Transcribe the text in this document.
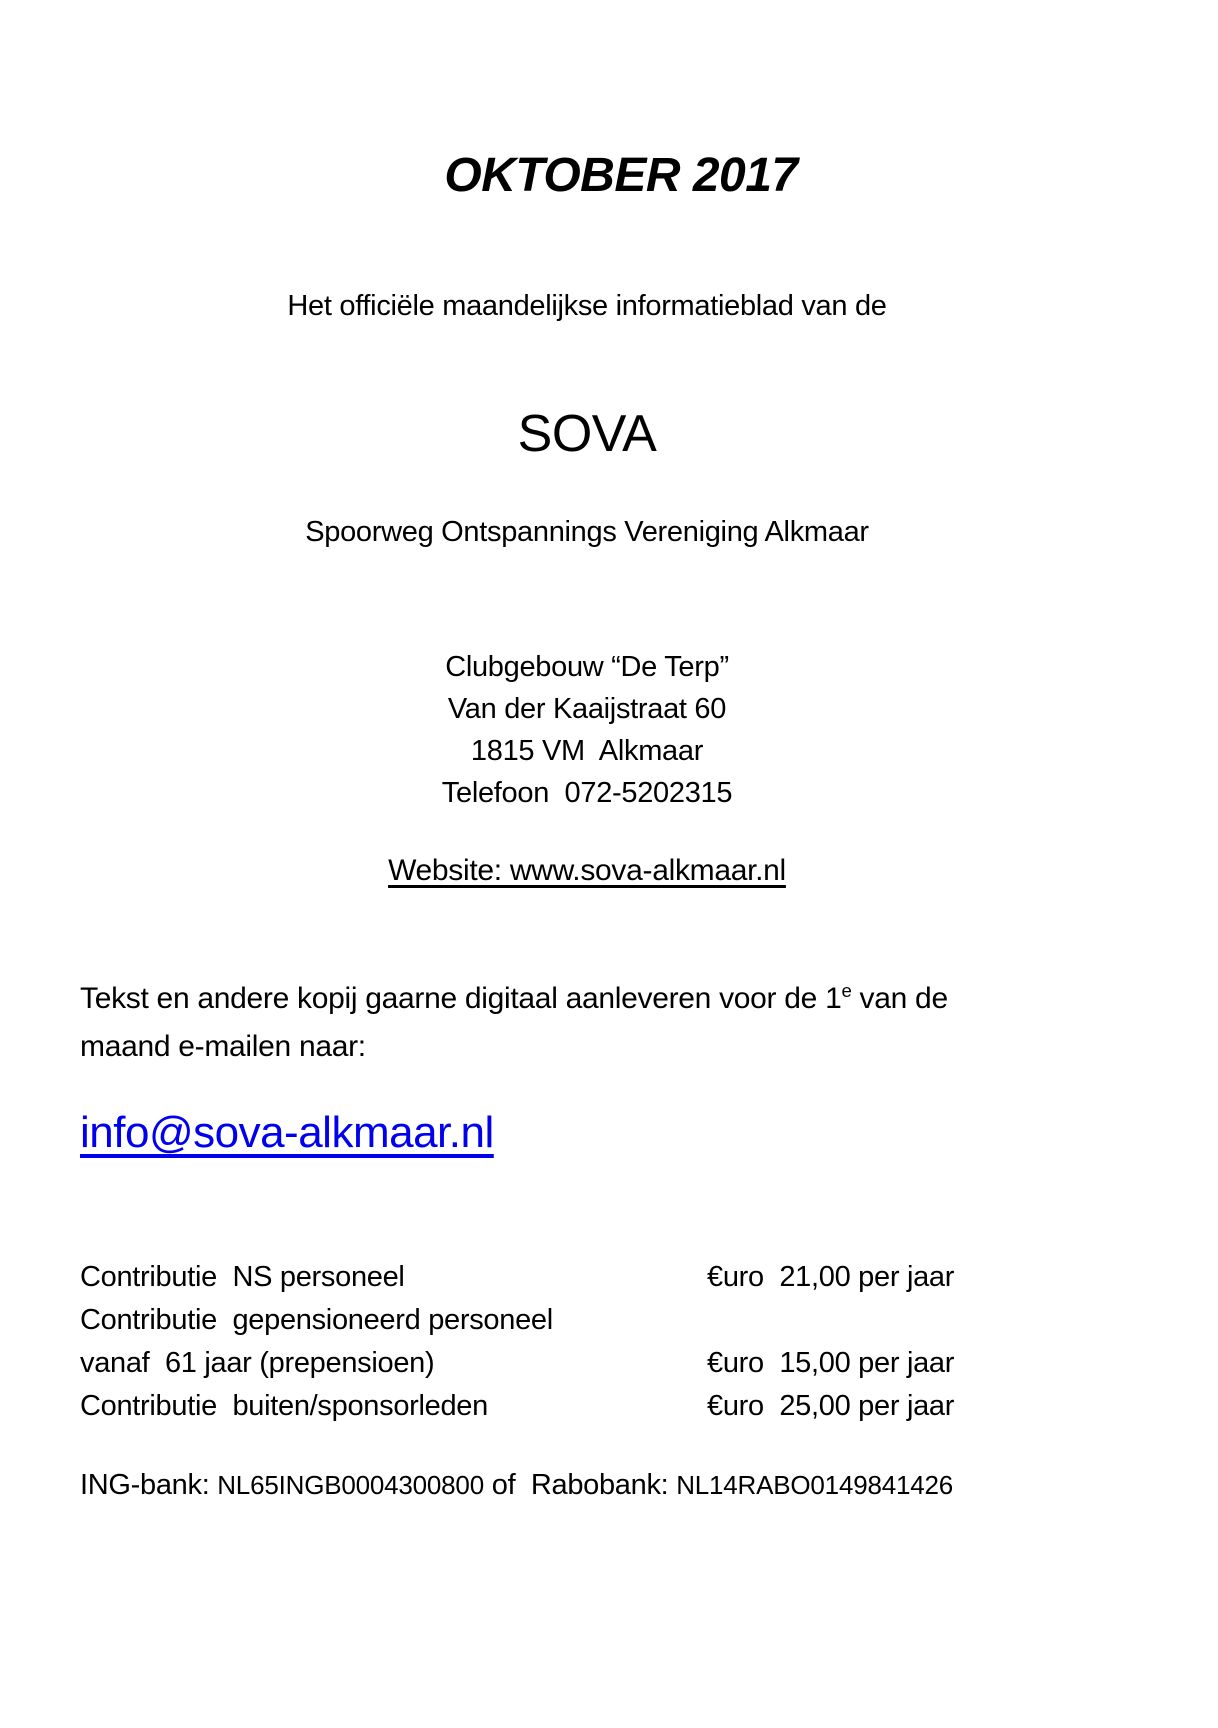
OKTOBER 2017
Het officiële maandelijkse informatieblad van de
SOVA
Spoorweg Ontspannings Vereniging Alkmaar
Clubgebouw “De Terp”
Van der Kaaijstraat 60
1815 VM  Alkmaar
Telefoon  072-5202315
Website: www.sova-alkmaar.nl
Tekst en andere kopij gaarne digitaal aanleveren voor de 1e van de
maand e-mailen naar:
info@sova-alkmaar.nl
Contributie  NS personeel	€uro  21,00 per jaar
Contributie  gepensioneerd personeel
vanaf  61 jaar (prepensioen)	€uro  15,00 per jaar
Contributie  buiten/sponsorleden	€uro  25,00 per jaar
ING-bank: NL65INGB0004300800 of Rabobank: NL14RABO0149841426
